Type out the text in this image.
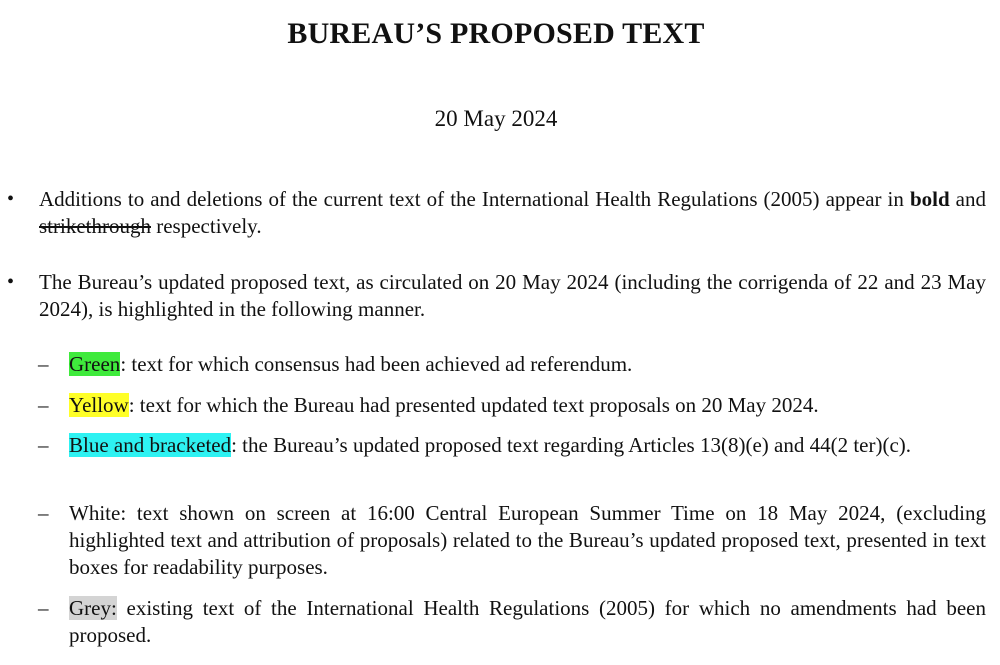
BUREAU’S PROPOSED TEXT
20 May 2024
• Additions to and deletions of the current text of the International Health Regulations (2005) appear in bold and strikethrough respectively.
• The Bureau’s updated proposed text, as circulated on 20 May 2024 (including the corrigenda of 22 and 23 May 2024), is highlighted in the following manner.
– Green: text for which consensus had been achieved ad referendum.
– Yellow: text for which the Bureau had presented updated text proposals on 20 May 2024.
– Blue and bracketed: the Bureau’s updated proposed text regarding Articles 13(8)(e) and 44(2 ter)(c).
– White: text shown on screen at 16:00 Central European Summer Time on 18 May 2024, (excluding highlighted text and attribution of proposals) related to the Bureau’s updated proposed text, presented in text boxes for readability purposes.
– Grey: existing text of the International Health Regulations (2005) for which no amendments had been proposed.
